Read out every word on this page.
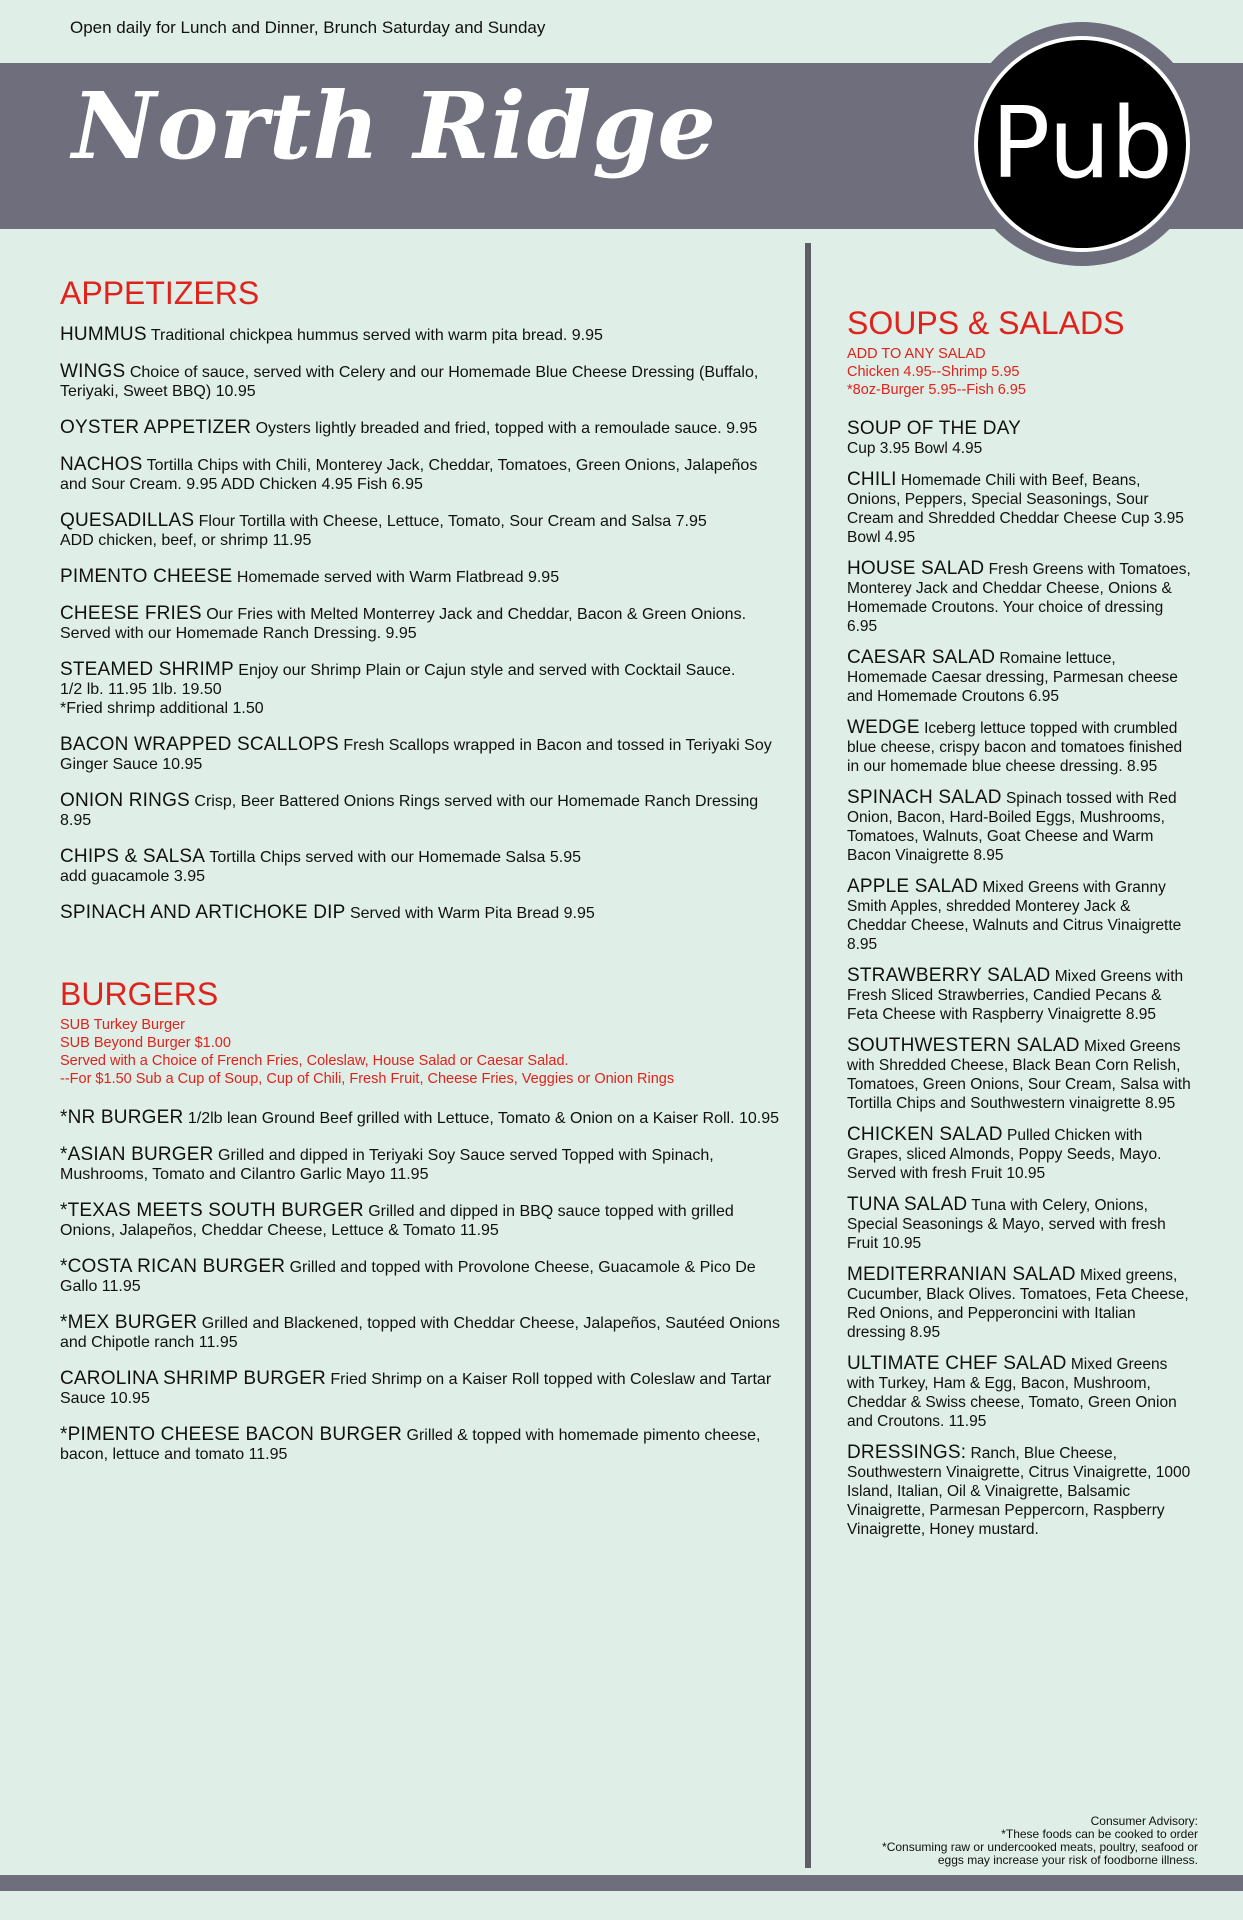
Open daily for Lunch and Dinner, Brunch Saturday and Sunday
North Ridge	Pub
APPETIZERS
HUMMUS Traditional chickpea hummus served with warm pita bread. 9.95
WINGS Choice of sauce, served with Celery and our Homemade Blue Cheese Dressing (Buffalo, Teriyaki, Sweet BBQ) 10.95
OYSTER APPETIZER Oysters lightly breaded and fried, topped with a remoulade sauce. 9.95
NACHOS Tortilla Chips with Chili, Monterey Jack, Cheddar, Tomatoes, Green Onions, Jalapeños and Sour Cream. 9.95 ADD Chicken 4.95 Fish 6.95
QUESADILLAS Flour Tortilla with Cheese, Lettuce, Tomato, Sour Cream and Salsa 7.95
ADD chicken, beef, or shrimp 11.95
PIMENTO CHEESE Homemade served with Warm Flatbread 9.95
CHEESE FRIES Our Fries with Melted Monterrey Jack and Cheddar, Bacon & Green Onions. Served with our Homemade Ranch Dressing. 9.95
STEAMED SHRIMP Enjoy our Shrimp Plain or Cajun style and served with Cocktail Sauce.
1/2 lb. 11.95 1lb. 19.50
*Fried shrimp additional 1.50
BACON WRAPPED SCALLOPS Fresh Scallops wrapped in Bacon and tossed in Teriyaki Soy Ginger Sauce 10.95
ONION RINGS Crisp, Beer Battered Onions Rings served with our Homemade Ranch Dressing 8.95
CHIPS & SALSA Tortilla Chips served with our Homemade Salsa 5.95
add guacamole 3.95
SPINACH AND ARTICHOKE DIP Served with Warm Pita Bread 9.95
BURGERS
SUB Turkey Burger
SUB Beyond Burger $1.00
Served with a Choice of French Fries, Coleslaw, House Salad or Caesar Salad.
--For $1.50 Sub a Cup of Soup, Cup of Chili, Fresh Fruit, Cheese Fries, Veggies or Onion Rings
*NR BURGER 1/2lb lean Ground Beef grilled with Lettuce, Tomato & Onion on a Kaiser Roll. 10.95
*ASIAN BURGER Grilled and dipped in Teriyaki Soy Sauce served Topped with Spinach, Mushrooms, Tomato and Cilantro Garlic Mayo 11.95
*TEXAS MEETS SOUTH BURGER Grilled and dipped in BBQ sauce topped with grilled Onions, Jalapeños, Cheddar Cheese, Lettuce & Tomato 11.95
*COSTA RICAN BURGER Grilled and topped with Provolone Cheese, Guacamole & Pico De Gallo 11.95
*MEX BURGER Grilled and Blackened, topped with Cheddar Cheese, Jalapeños, Sautéed Onions and Chipotle ranch 11.95
CAROLINA SHRIMP BURGER Fried Shrimp on a Kaiser Roll topped with Coleslaw and Tartar Sauce 10.95
*PIMENTO CHEESE BACON BURGER Grilled & topped with homemade pimento cheese, bacon, lettuce and tomato 11.95
SOUPS & SALADS
ADD TO ANY SALAD
Chicken 4.95--Shrimp 5.95
*8oz-Burger 5.95--Fish 6.95
SOUP OF THE DAY
Cup 3.95 Bowl 4.95
CHILI Homemade Chili with Beef, Beans, Onions, Peppers, Special Seasonings, Sour Cream and Shredded Cheddar Cheese Cup 3.95 Bowl 4.95
HOUSE SALAD Fresh Greens with Tomatoes, Monterey Jack and Cheddar Cheese, Onions & Homemade Croutons. Your choice of dressing 6.95
CAESAR SALAD Romaine lettuce, Homemade Caesar dressing, Parmesan cheese and Homemade Croutons 6.95
WEDGE Iceberg lettuce topped with crumbled blue cheese, crispy bacon and tomatoes finished in our homemade blue cheese dressing. 8.95
SPINACH SALAD Spinach tossed with Red Onion, Bacon, Hard-Boiled Eggs, Mushrooms, Tomatoes, Walnuts, Goat Cheese and Warm Bacon Vinaigrette 8.95
APPLE SALAD Mixed Greens with Granny Smith Apples, shredded Monterey Jack & Cheddar Cheese, Walnuts and Citrus Vinaigrette 8.95
STRAWBERRY SALAD Mixed Greens with Fresh Sliced Strawberries, Candied Pecans & Feta Cheese with Raspberry Vinaigrette 8.95
SOUTHWESTERN SALAD Mixed Greens with Shredded Cheese, Black Bean Corn Relish, Tomatoes, Green Onions, Sour Cream, Salsa with Tortilla Chips and Southwestern vinaigrette 8.95
CHICKEN SALAD Pulled Chicken with Grapes, sliced Almonds, Poppy Seeds, Mayo. Served with fresh Fruit 10.95
TUNA SALAD Tuna with Celery, Onions, Special Seasonings & Mayo, served with fresh Fruit 10.95
MEDITERRANIAN SALAD Mixed greens, Cucumber, Black Olives. Tomatoes, Feta Cheese, Red Onions, and Pepperoncini with Italian dressing 8.95
ULTIMATE CHEF SALAD Mixed Greens with Turkey, Ham & Egg, Bacon, Mushroom, Cheddar & Swiss cheese, Tomato, Green Onion and Croutons. 11.95
DRESSINGS: Ranch, Blue Cheese, Southwestern Vinaigrette, Citrus Vinaigrette, 1000 Island, Italian, Oil & Vinaigrette, Balsamic Vinaigrette, Parmesan Peppercorn, Raspberry Vinaigrette, Honey mustard.
Consumer Advisory:
*These foods can be cooked to order
*Consuming raw or undercooked meats, poultry, seafood or
eggs may increase your risk of foodborne illness.
